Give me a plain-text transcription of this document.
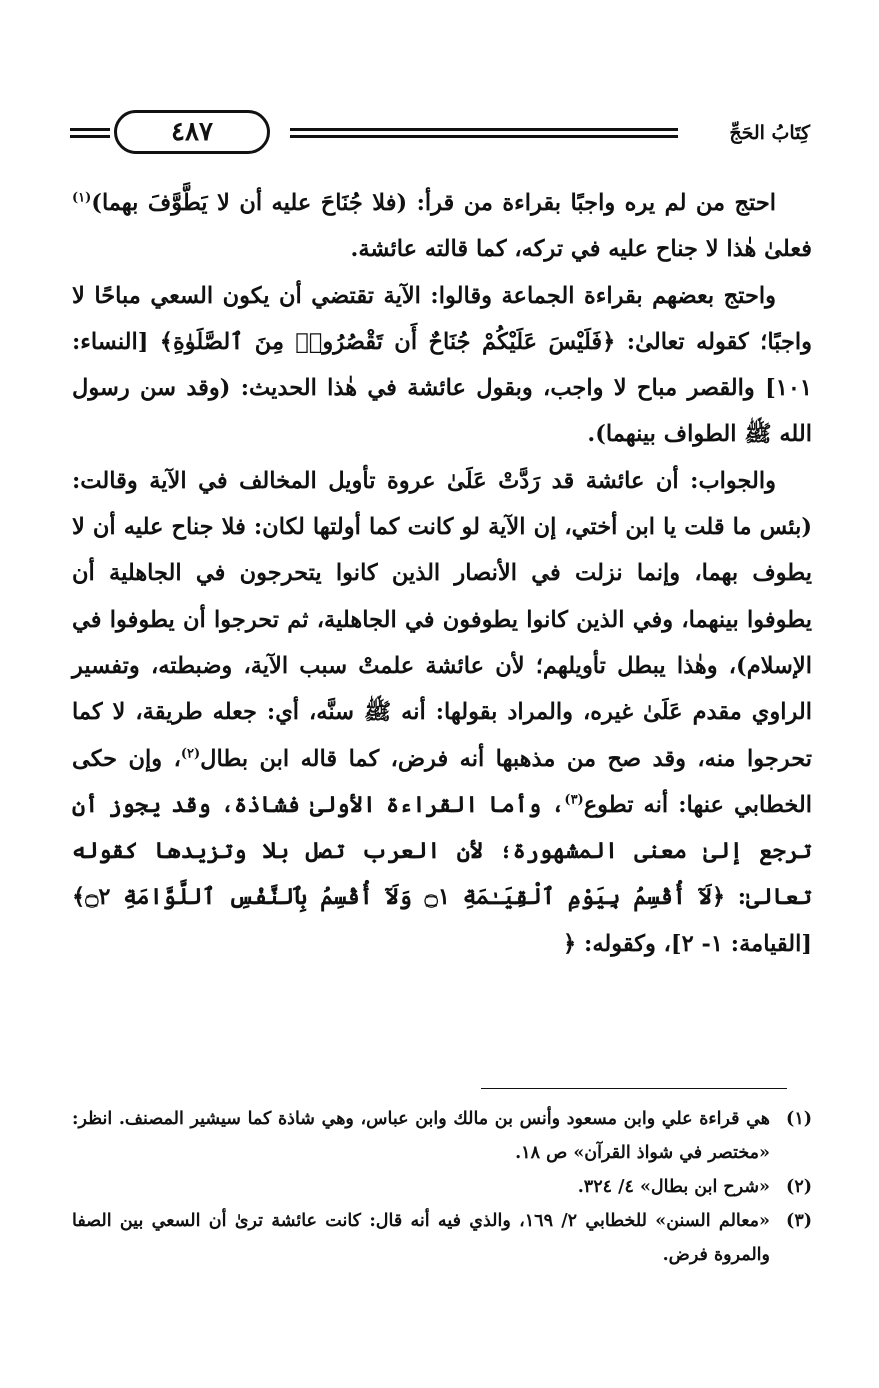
كِتَابُ الحَجِّ
٤٨٧

احتج من لم يره واجبًا بقراءة من قرأ: (فلا جُنَاحَ عليه أن لا يَطَّوَّفَ بهما)$^{(١)}$ فعلىٰ هٰذا لا جناح عليه في تركه، كما قالته عائشة.

واحتج بعضهم بقراءة الجماعة وقالوا: الآية تقتضي أن يكون السعي مباحًا لا واجبًا؛ كقوله تعالىٰ: ﴿فَلَيْسَ عَلَيْكُمْ جُنَاحٌ أَن تَقْصُرُوا۟ مِنَ ٱلصَّلَوٰةِ﴾ [النساء: ١٠١] والقصر مباح لا واجب، وبقول عائشة في هٰذا الحديث: (وقد سن رسول الله ﷺ الطواف بينهما).

والجواب: أن عائشة قد رَدَّتْ عَلَىٰ عروة تأويل المخالف في الآية وقالت: (بئس ما قلت يا ابن أختي، إن الآية لو كانت كما أولتها لكان: فلا جناح عليه أن لا يطوف بهما، وإنما نزلت في الأنصار الذين كانوا يتحرجون في الجاهلية أن يطوفوا بينهما، وفي الذين كانوا يطوفون في الجاهلية، ثم تحرجوا أن يطوفوا في الإسلام)، وهٰذا يبطل تأويلهم؛ لأن عائشة علمتْ سبب الآية، وضبطته، وتفسير الراوي مقدم عَلَىٰ غيره، والمراد بقولها: أنه ﷺ سنَّه، أي: جعله طريقة، لا كما تحرجوا منه، وقد صح من مذهبها أنه فرض، كما قاله ابن بطال$^{(٢)}$، وإن حكى الخطابي عنها: أنه تطوع$^{(٣)}$، وأما القراءة الأولىٰ فشاذة، وقد يجوز أن ترجع إلىٰ معنى المشهورة؛ لأن العرب تصل بلا وتزيدها كقوله تعالىٰ: ﴿لَآ أُقْسِمُ بِيَوْمِ ٱلْقِيَـٰمَةِ ۝١ وَلَآ أُقْسِمُ بِٱلنَّفْسِ ٱللَّوَّامَةِ ۝٢﴾ [القيامة: ١- ٢]، وكقوله: ﴿

(١)
هي قراءة علي وابن مسعود وأنس بن مالك وابن عباس، وهي شاذة كما سيشير المصنف. انظر: «مختصر في شواذ القرآن» ص ١٨.
(٢)
«شرح ابن بطال» ٤/ ٣٢٤.
(٣)
«معالم السنن» للخطابي ٢/ ١٦٩، والذي فيه أنه قال: كانت عائشة ترىٰ أن السعي بين الصفا والمروة فرض.
